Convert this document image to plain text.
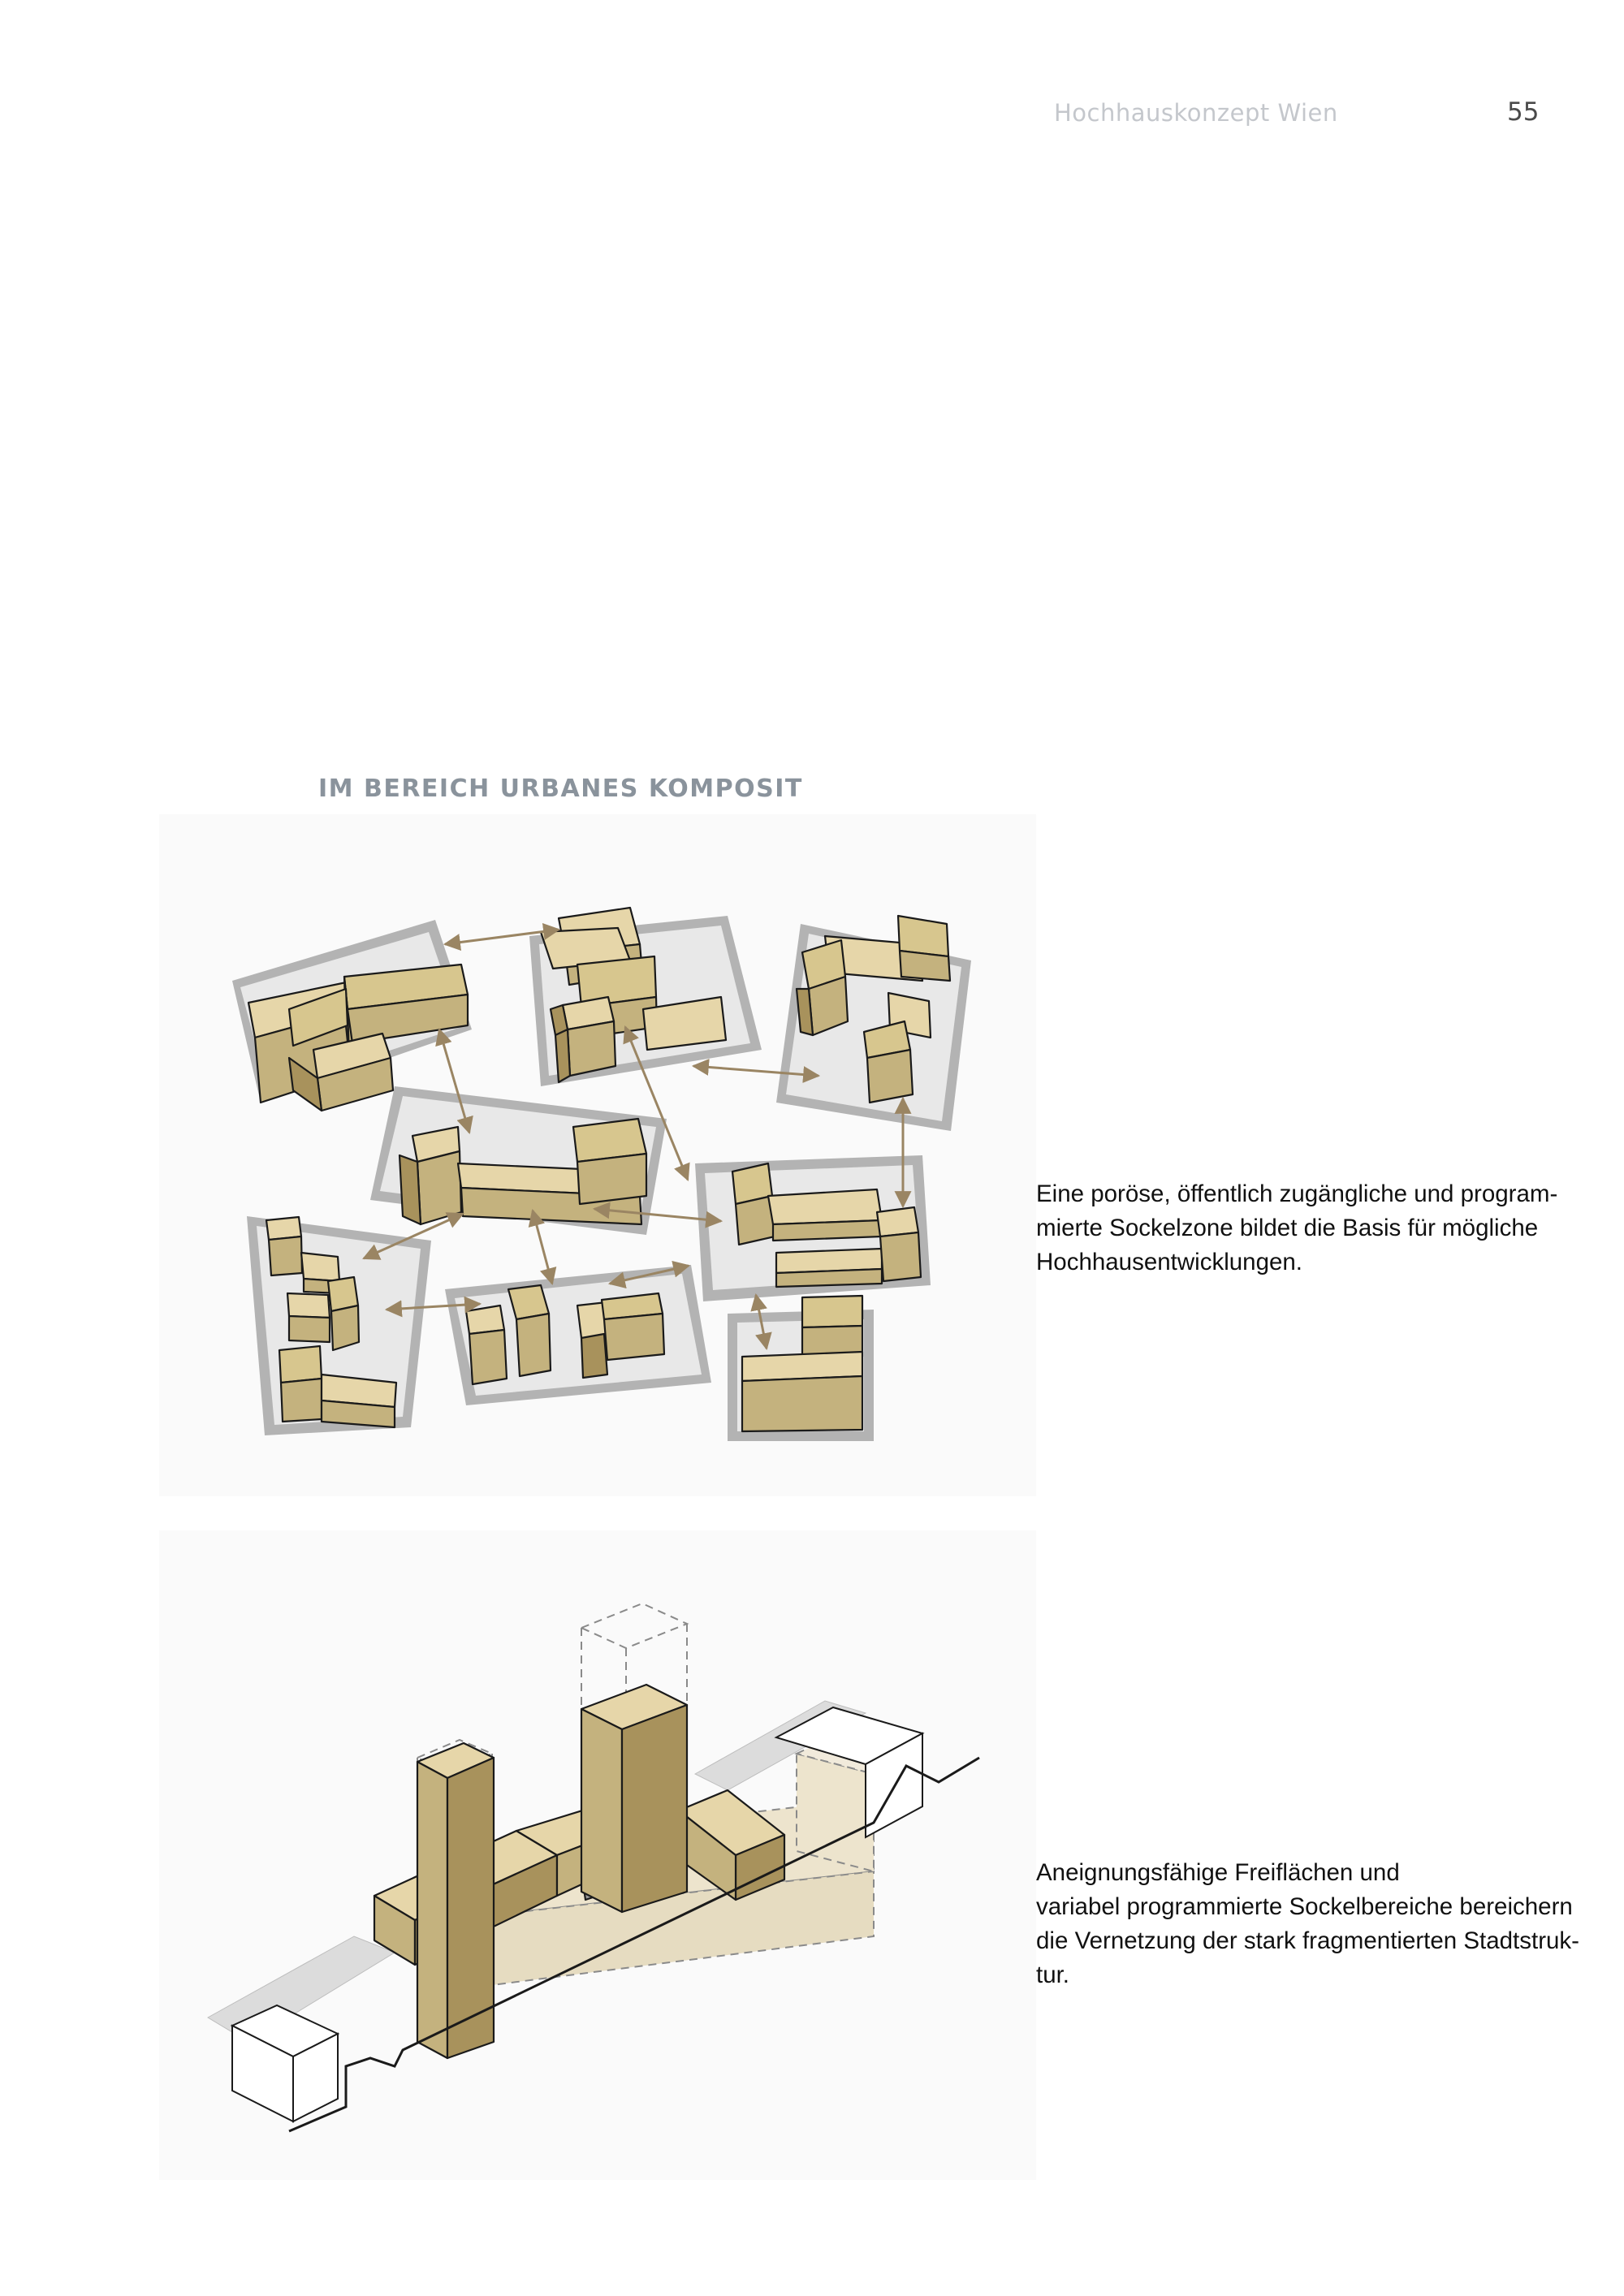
Hochhauskonzept Wien	55
IM BEREICH URBANES KOMPOSIT

Eine poröse, öffentlich zugängliche und program-

mierte Sockelzone bildet die Basis für mögliche

Hochhausentwicklungen.

Aneignungsfähige Freiflächen und

variabel programmierte Sockelbereiche bereichern

die Vernetzung der stark fragmentierten Stadtstruk-

tur.
